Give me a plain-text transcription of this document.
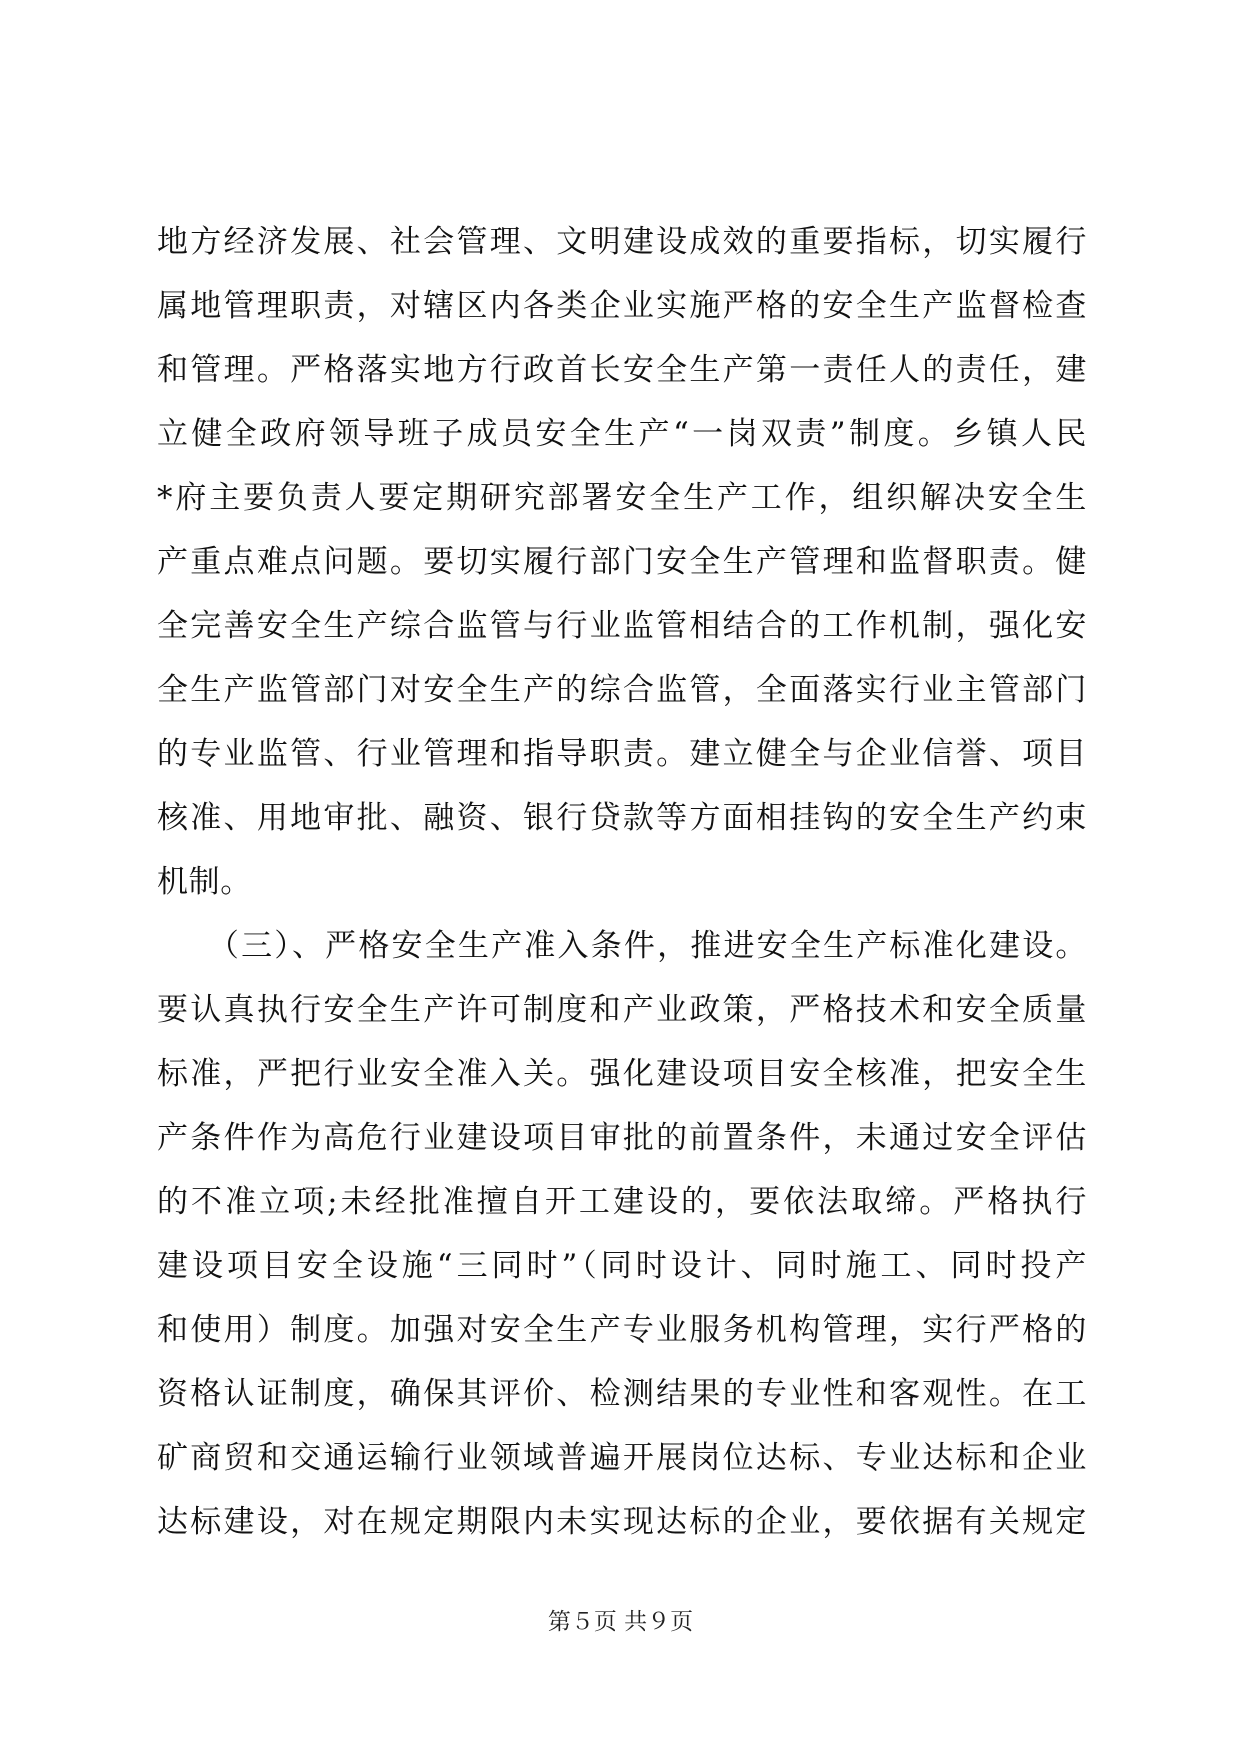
地方经济发展、社会管理、文明建设成效的重要指标，切实履行
属地管理职责，对辖区内各类企业实施严格的安全生产监督检查
和管理。严格落实地方行政首长安全生产第一责任人的责任，建
立健全政府领导班子成员安全生产“一岗双责”制度。乡镇人民
*府主要负责人要定期研究部署安全生产工作，组织解决安全生
产重点难点问题。要切实履行部门安全生产管理和监督职责。健
全完善安全生产综合监管与行业监管相结合的工作机制，强化安
全生产监管部门对安全生产的综合监管，全面落实行业主管部门
的专业监管、行业管理和指导职责。建立健全与企业信誉、项目
核准、用地审批、融资、银行贷款等方面相挂钩的安全生产约束
机制。
　　（三）、严格安全生产准入条件，推进安全生产标准化建设。
要认真执行安全生产许可制度和产业政策，严格技术和安全质量
标准，严把行业安全准入关。强化建设项目安全核准，把安全生
产条件作为高危行业建设项目审批的前置条件，未通过安全评估
的不准立项;未经批准擅自开工建设的，要依法取缔。严格执行
建设项目安全设施“三同时”（同时设计、同时施工、同时投产
和使用）制度。加强对安全生产专业服务机构管理，实行严格的
资格认证制度，确保其评价、检测结果的专业性和客观性。在工
矿商贸和交通运输行业领域普遍开展岗位达标、专业达标和企业
达标建设，对在规定期限内未实现达标的企业，要依据有关规定
第５页 共９页
